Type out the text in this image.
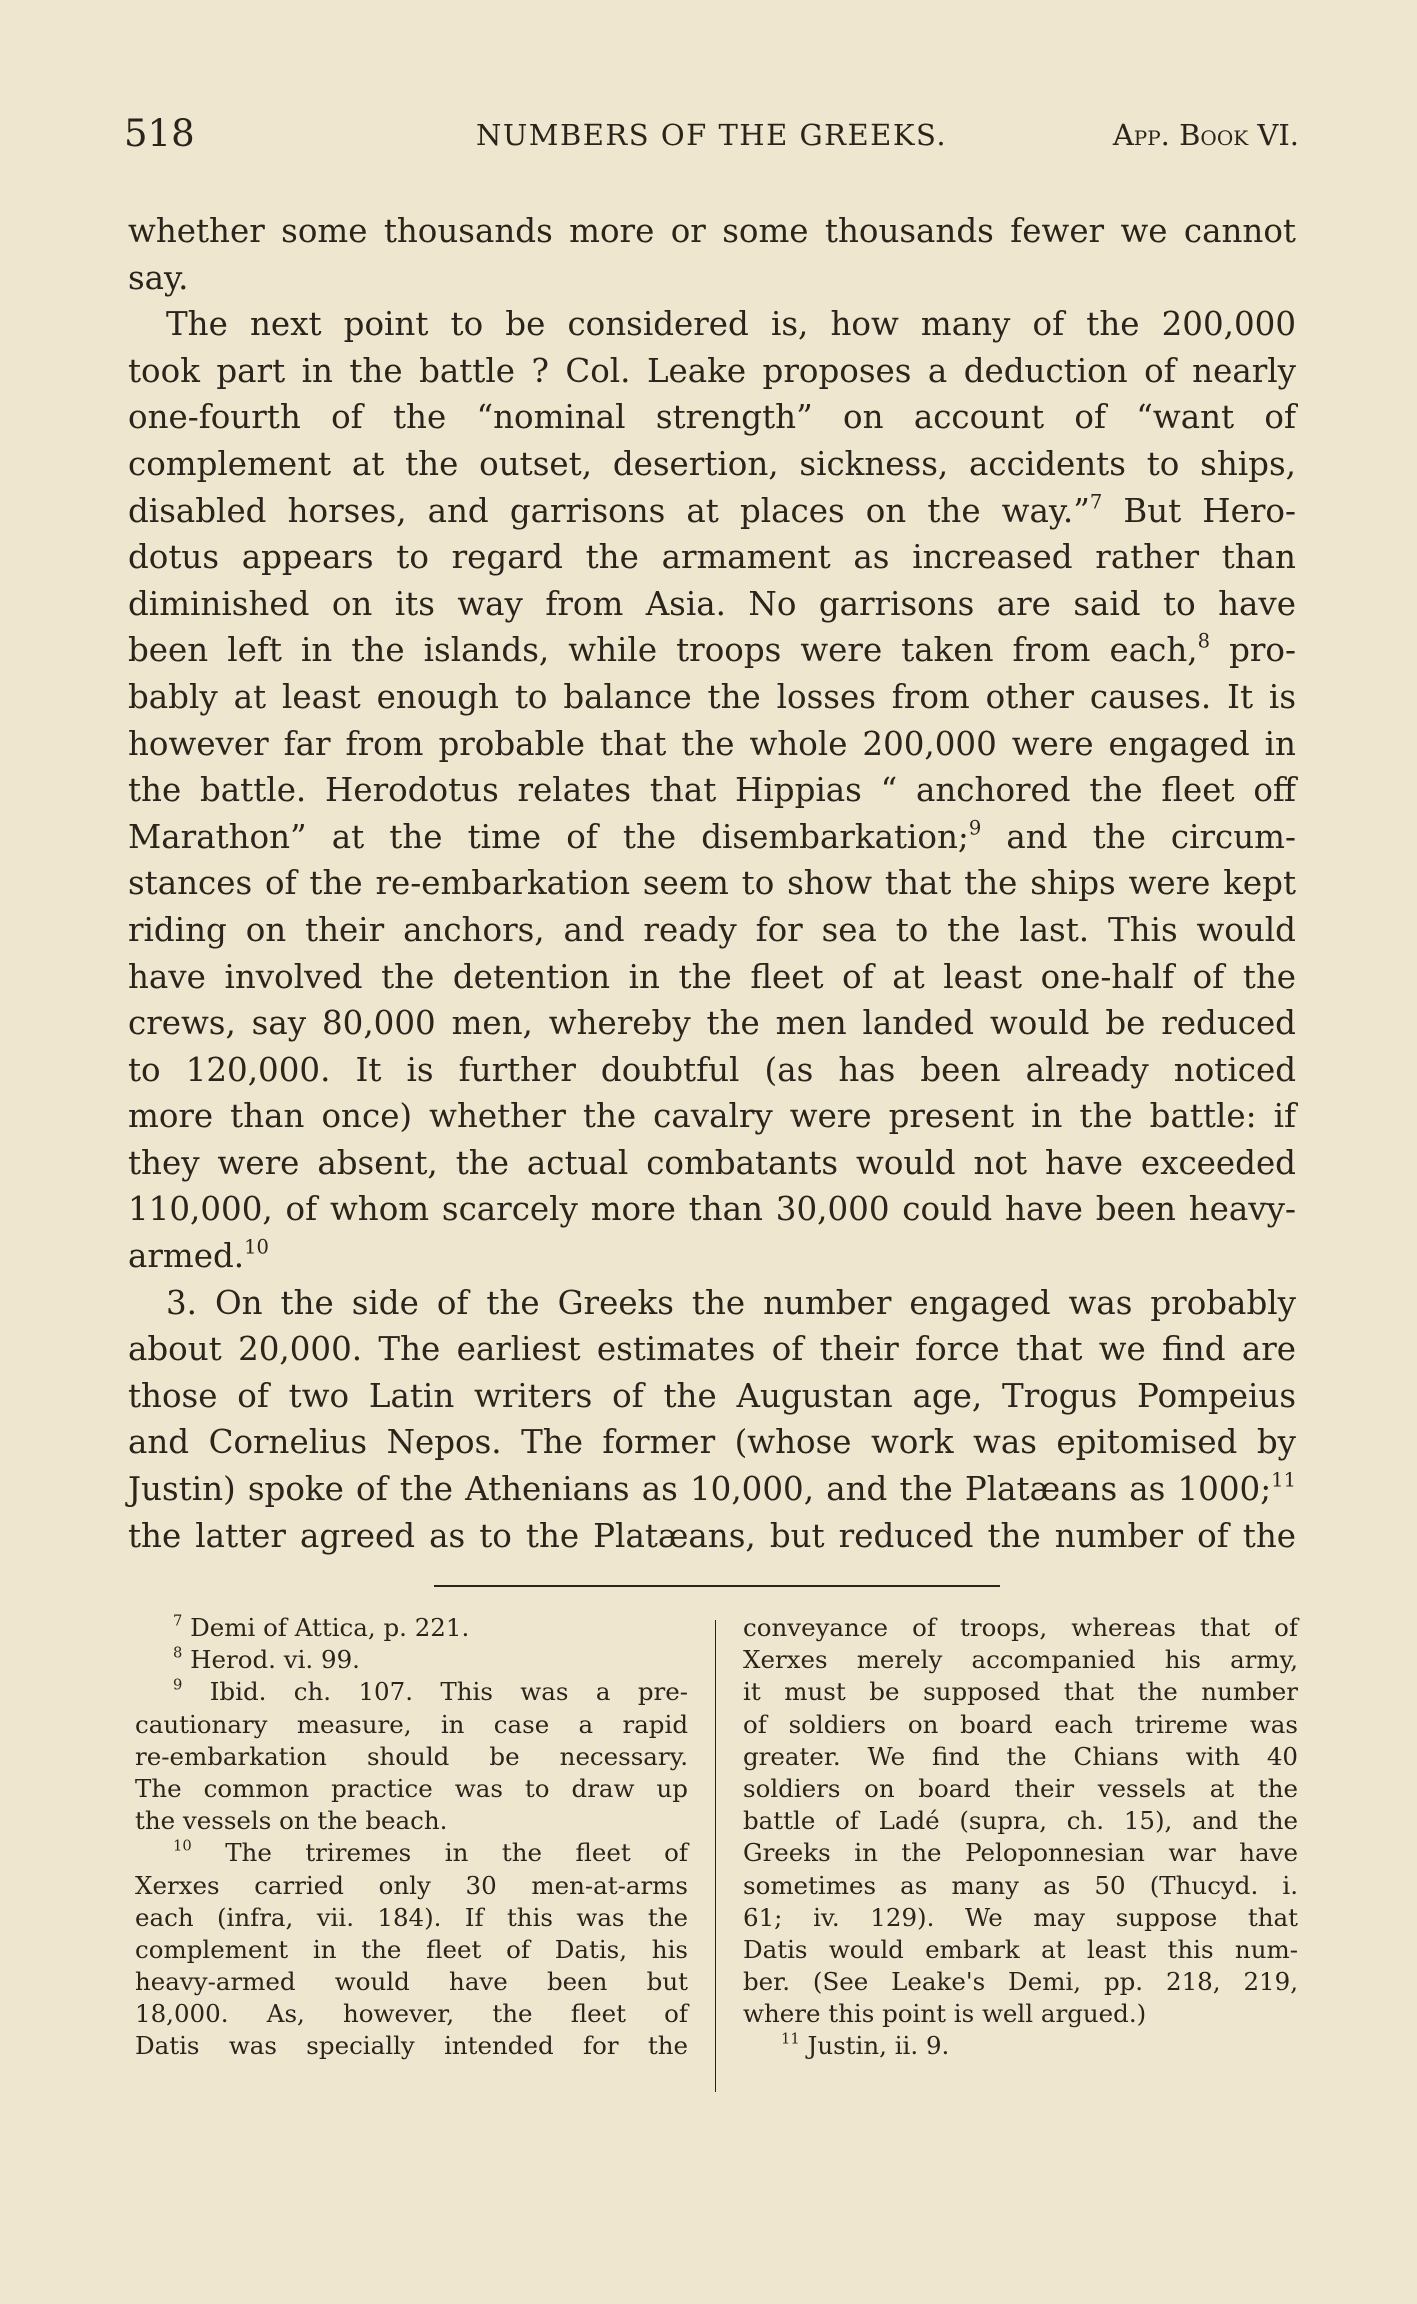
518	NUMBERS OF THE GREEKS.	App. Book VI.
whether some thousands more or some thousands fewer we cannot
say.
The next point to be considered is, how many of the 200,000
took part in the battle ? Col. Leake proposes a deduction of nearly
one-fourth of the “nominal strength” on account of “want of
complement at the outset, desertion, sickness, accidents to ships,
disabled horses, and garrisons at places on the way.”$^7$ But Hero-
dotus appears to regard the armament as increased rather than
diminished on its way from Asia. No garrisons are said to have
been left in the islands, while troops were taken from each,$^8$ pro-
bably at least enough to balance the losses from other causes. It is
however far from probable that the whole 200,000 were engaged in
the battle. Herodotus relates that Hippias “ anchored the fleet off
Marathon” at the time of the disembarkation;$^9$ and the circum-
stances of the re-embarkation seem to show that the ships were kept
riding on their anchors, and ready for sea to the last. This would
have involved the detention in the fleet of at least one-half of the
crews, say 80,000 men, whereby the men landed would be reduced
to 120,000. It is further doubtful (as has been already noticed
more than once) whether the cavalry were present in the battle: if
they were absent, the actual combatants would not have exceeded
110,000, of whom scarcely more than 30,000 could have been heavy-
armed.$^{10}$
3. On the side of the Greeks the number engaged was probably
about 20,000. The earliest estimates of their force that we find are
those of two Latin writers of the Augustan age, Trogus Pompeius
and Cornelius Nepos. The former (whose work was epitomised by
Justin) spoke of the Athenians as 10,000, and the Platæans as 1000;$^{11}$
the latter agreed as to the Platæans, but reduced the number of the
$^7$ Demi of Attica, p. 221.
$^8$ Herod. vi. 99.
$^9$ Ibid. ch. 107. This was a pre-
cautionary measure, in case a rapid
re-embarkation should be necessary.
The common practice was to draw up
the vessels on the beach.
$^{10}$ The triremes in the fleet of
Xerxes carried only 30 men-at-arms
each (infra, vii. 184). If this was the
complement in the fleet of Datis, his
heavy-armed would have been but
18,000. As, however, the fleet of
Datis was specially intended for the
conveyance of troops, whereas that of
Xerxes merely accompanied his army,
it must be supposed that the number
of soldiers on board each trireme was
greater. We find the Chians with 40
soldiers on board their vessels at the
battle of Ladé (supra, ch. 15), and the
Greeks in the Peloponnesian war have
sometimes as many as 50 (Thucyd. i.
61; iv. 129). We may suppose that
Datis would embark at least this num-
ber. (See Leake's Demi, pp. 218, 219,
where this point is well argued.)
$^{11}$ Justin, ii. 9.
